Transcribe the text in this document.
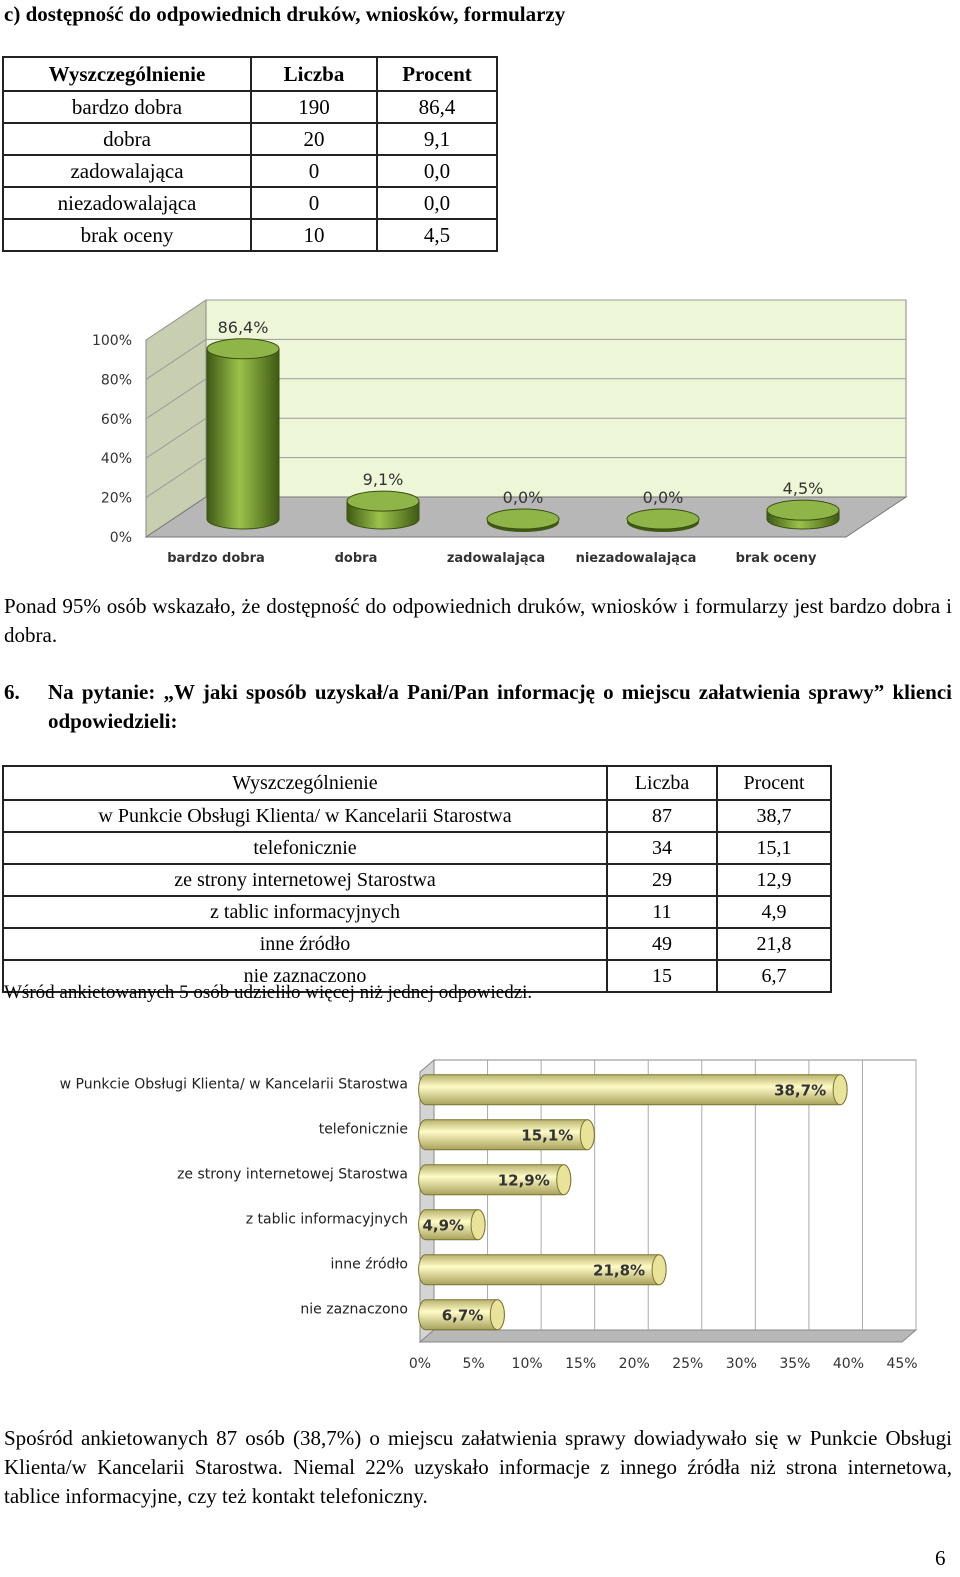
c) dostępność do odpowiednich druków, wniosków, formularzy
Wyszczególnienie	Liczba	Procent
bardzo dobra	190	86,4
dobra	20	9,1
zadowalająca	0	0,0
niezadowalająca	0	0,0
brak oceny	10	4,5
0%
20%
40%
60%
80%
100%
86,4%
bardzo dobra
9,1%
dobra
0,0%
zadowalająca
0,0%
niezadowalająca
4,5%
brak oceny
Ponad 95% osób wskazało, że dostępność do odpowiednich druków, wniosków i formularzy jest bardzo dobra i dobra.
6. Na pytanie: „W jaki sposób uzyskał/a Pani/Pan informację o miejscu załatwienia sprawy” klienci odpowiedzieli:
Wyszczególnienie	Liczba	Procent
w Punkcie Obsługi Klienta/ w Kancelarii Starostwa	87	38,7
telefonicznie	34	15,1
ze strony internetowej Starostwa	29	12,9
z tablic informacyjnych	11	4,9
inne źródło	49	21,8
nie zaznaczono	15	6,7
Wśród ankietowanych 5 osób udzieliło więcej niż jednej odpowiedzi.
0% 5% 10% 15% 20% 25% 30% 35% 40% 45%
38,7%
w Punkcie Obsługi Klienta/ w Kancelarii Starostwa
15,1%
telefonicznie
12,9%
ze strony internetowej Starostwa
4,9%
z tablic informacyjnych
21,8%
inne źródło
6,7%
nie zaznaczono
Spośród ankietowanych 87 osób (38,7%) o miejscu załatwienia sprawy dowiadywało się w Punkcie Obsługi Klienta/w Kancelarii Starostwa. Niemal 22% uzyskało informacje z innego źródła niż strona internetowa, tablice informacyjne, czy też kontakt telefoniczny.
6
